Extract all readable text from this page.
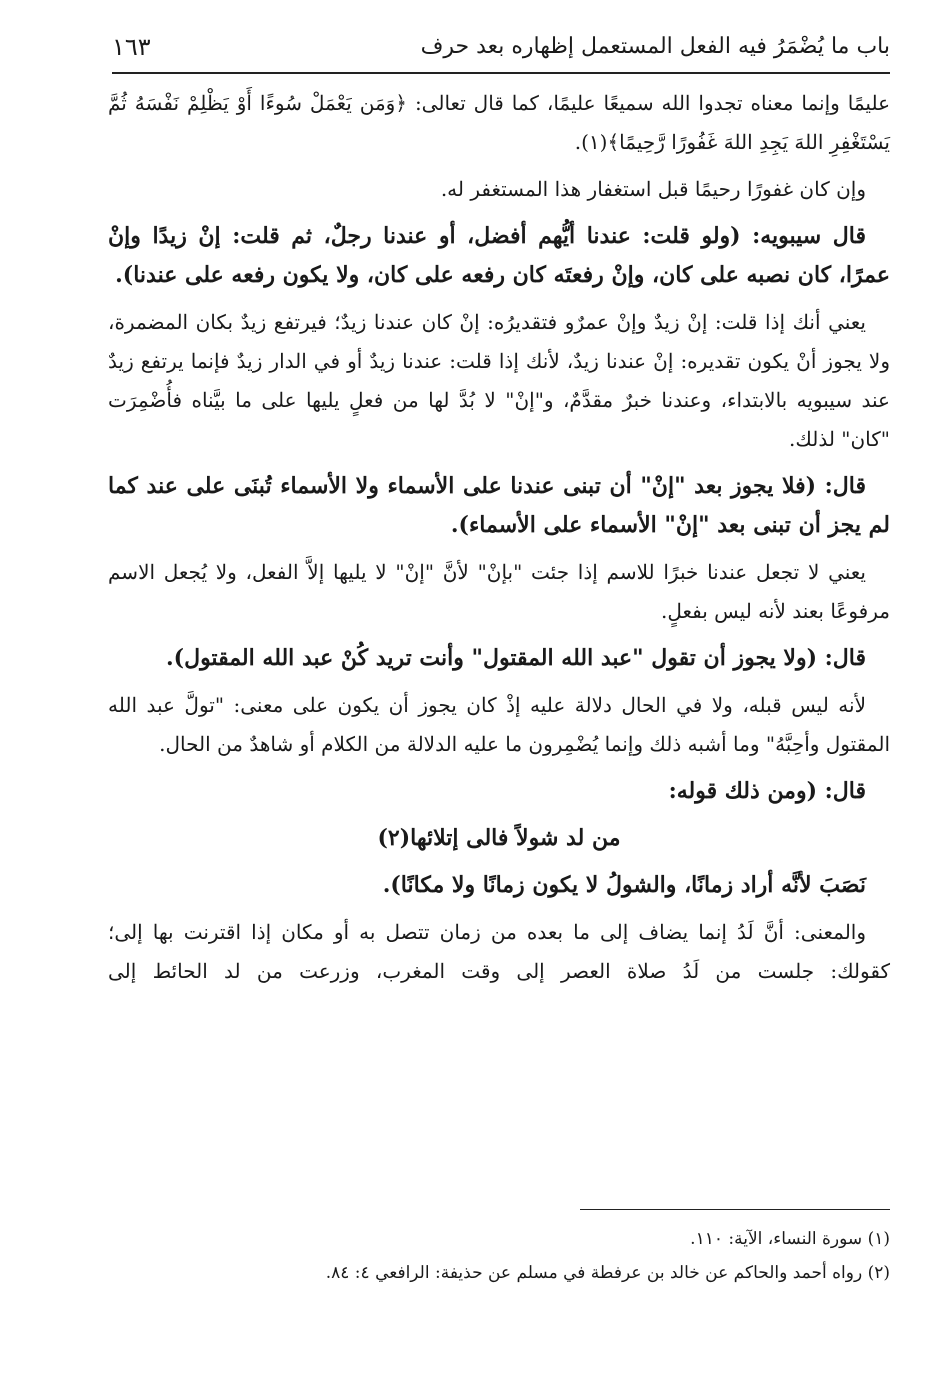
باب ما يُضْمَرُ فيه الفعل المستعمل إظهاره بعد حرف
١٦٣

عليمًا وإنما معناه تجدوا الله سميعًا عليمًا، كما قال تعالى: ﴿وَمَن يَعْمَلْ سُوءًا أَوْ يَظْلِمْ نَفْسَهُ ثُمَّ يَسْتَغْفِرِ اللهَ يَجِدِ اللهَ غَفُورًا رَّحِيمًا﴾(١).

وإن كان غفورًا رحيمًا قبل استغفار هذا المستغفر له.

قال سيبويه: (ولو قلت: عندنا أيُّهم أفضل، أو عندنا رجلٌ، ثم قلت: إنْ زيدًا وإنْ عمرًا، كان نصبه على كان، وإنْ رفعتَه كان رفعه على كان، ولا يكون رفعه على عندنا).

يعني أنك إذا قلت: إنْ زيدٌ وإنْ عمرٌو فتقديرُه: إنْ كان عندنا زيدٌ؛ فيرتفع زيدٌ بكان المضمرة، ولا يجوز أنْ يكون تقديره: إنْ عندنا زيدٌ، لأنك إذا قلت: عندنا زيدٌ أو في الدار زيدٌ فإنما يرتفع زيدٌ عند سيبويه بالابتداء، وعندنا خبرٌ مقدَّمٌ، و"إنْ" لا بُدَّ لها من فعلٍ يليها على ما بيَّناه فأُضْمِرَت "كان" لذلك.

قال: (فلا يجوز بعد "إنْ" أن تبنى عندنا على الأسماء ولا الأسماء تُبنَى على عند كما لم يجز أن تبنى بعد "إنْ" الأسماء على الأسماء).

يعني لا تجعل عندنا خبرًا للاسم إذا جئت "بإنْ" لأنَّ "إنْ" لا يليها إلاَّ الفعل، ولا يُجعل الاسم مرفوعًا بعند لأنه ليس بفعلٍ.

قال: (ولا يجوز أن تقول "عبد الله المقتول" وأنت تريد كُنْ عبد الله المقتول).

لأنه ليس قبله، ولا في الحال دلالة عليه إذْ كان يجوز أن يكون على معنى: "تولَّ عبد الله المقتول وأحِبَّهُ" وما أشبه ذلك وإنما يُضْمِرون ما عليه الدلالة من الكلام أو شاهدٌ من الحال.

قال: (ومن ذلك قوله:

من لد شولاً فالى إتلائها(٢)

نَصَبَ لأنَّه أراد زمانًا، والشولُ لا يكون زمانًا ولا مكانًا).

والمعنى: أنَّ لَدُ إنما يضاف إلى ما بعده من زمان تتصل به أو مكان إذا اقترنت بها إلى؛ كقولك: جلست من لَدُ صلاة العصر إلى وقت المغرب، وزرعت من لد الحائط إلى

(١) سورة النساء، الآية: ١١٠.

(٢) رواه أحمد والحاكم عن خالد بن عرفطة في مسلم عن حذيفة: الرافعي ٤: ٨٤.
